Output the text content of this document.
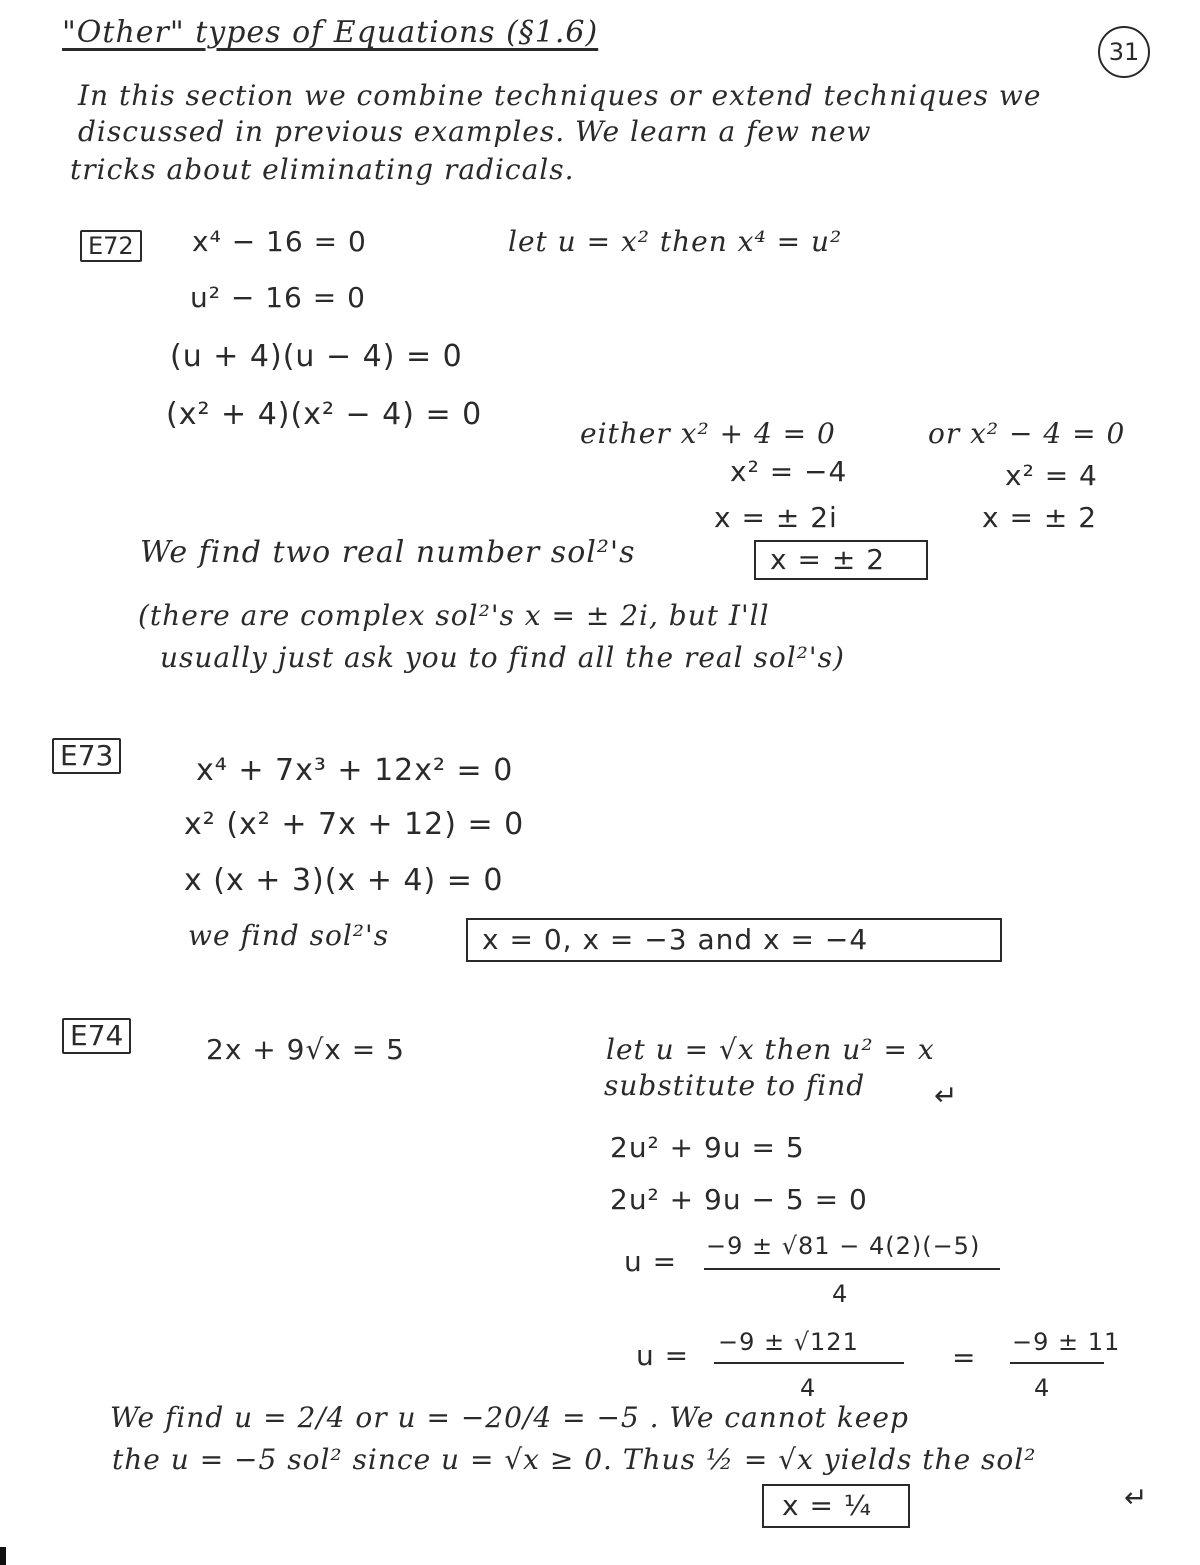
"Other" types of Equations (§1.6)
31
In this section we combine techniques or extend techniques we
discussed in previous examples. We learn a few new
tricks about eliminating radicals.
E72 x⁴ − 16 = 0	let u = x² then x⁴ = u²
u² − 16 = 0
(u + 4)(u − 4) = 0
(x² + 4)(x² − 4) = 0
either x² + 4 = 0	or x² − 4 = 0
x² = −4
x = ± 2i
x² = 4
x = ± 2
We find two real number sol²'s	x = ± 2
(there are complex sol²'s x = ± 2i, but I'll
usually just ask you to find all the real sol²'s)
E73	x⁴ + 7x³ + 12x² = 0
x² (x² + 7x + 12) = 0
x (x + 3)(x + 4) = 0
we find sol²'s	x = 0, x = −3 and x = −4
E74	2x + 9√x = 5	let u = √x then u² = x
substitute to find ↵
2u² + 9u = 5
2u² + 9u − 5 = 0
u = −9 ± √81 − 4(2)(−5)
4
u = −9 ± √121
4
= −9 ± 11
4
We find u = 2/4 or u = −20/4 = −5 . We cannot keep
the u = −5 sol² since u = √x ≥ 0. Thus ½ = √x yields the sol²
↵
x = ¼
